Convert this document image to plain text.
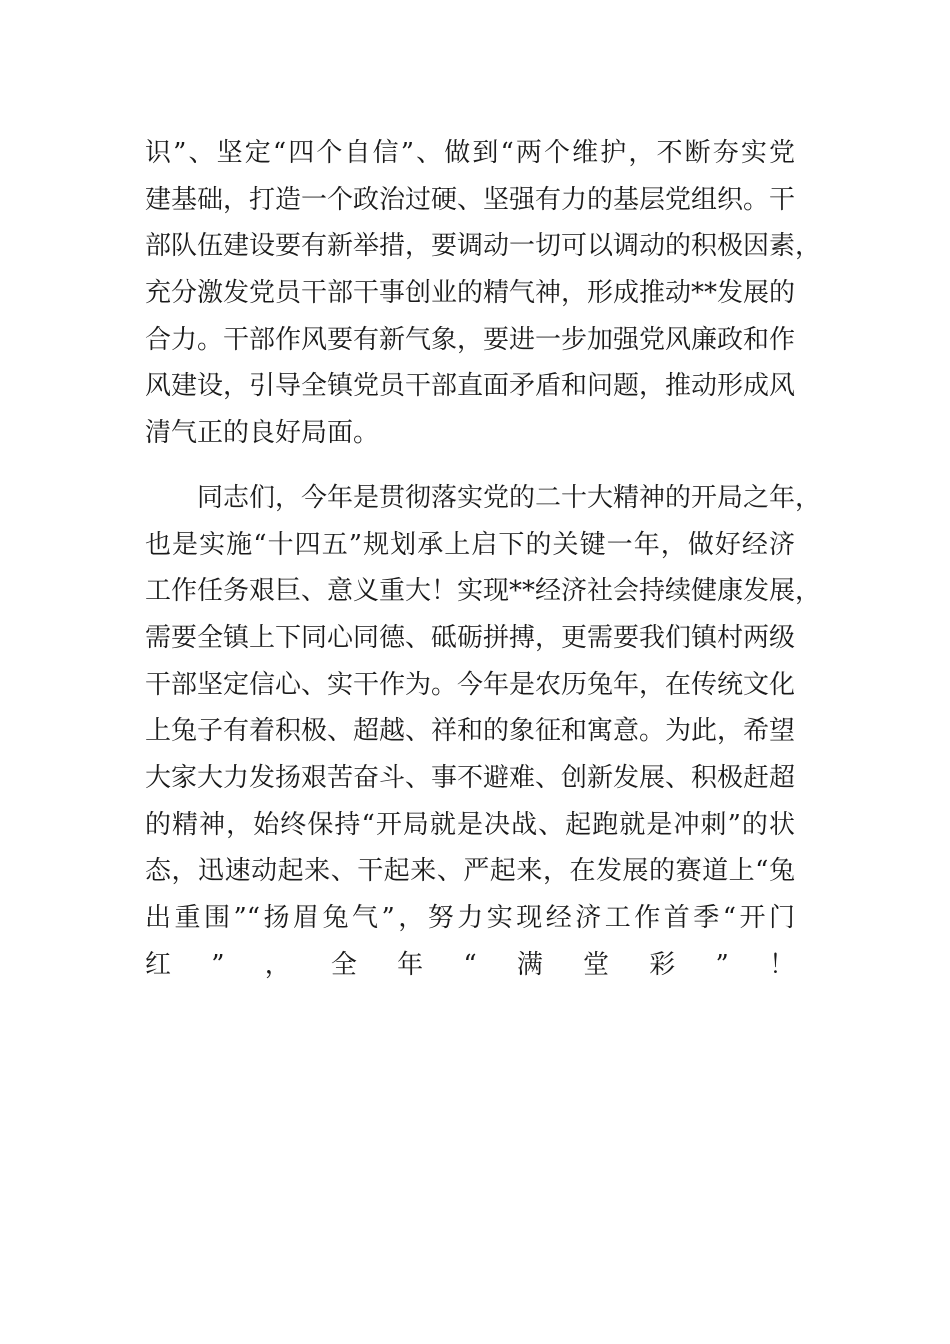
识”、坚定“四个自信”、做到“两个维护，不断夯实党
建基础，打造一个政治过硬、坚强有力的基层党组织。干
部队伍建设要有新举措，要调动一切可以调动的积极因素，
充分激发党员干部干事创业的精气神，形成推动**发展的
合力。干部作风要有新气象，要进一步加强党风廉政和作
风建设，引导全镇党员干部直面矛盾和问题，推动形成风
清气正的良好局面。
同志们，今年是贯彻落实党的二十大精神的开局之年，
也是实施“十四五”规划承上启下的关键一年，做好经济
工作任务艰巨、意义重大！实现**经济社会持续健康发展，
需要全镇上下同心同德、砥砺拼搏，更需要我们镇村两级
干部坚定信心、实干作为。今年是农历兔年，在传统文化
上兔子有着积极、超越、祥和的象征和寓意。为此，希望
大家大力发扬艰苦奋斗、事不避难、创新发展、积极赶超
的精神，始终保持“开局就是决战、起跑就是冲刺”的状
态，迅速动起来、干起来、严起来，在发展的赛道上“兔
出重围”“扬眉兔气”，努力实现经济工作首季“开门
红”，全年“满堂彩”！
